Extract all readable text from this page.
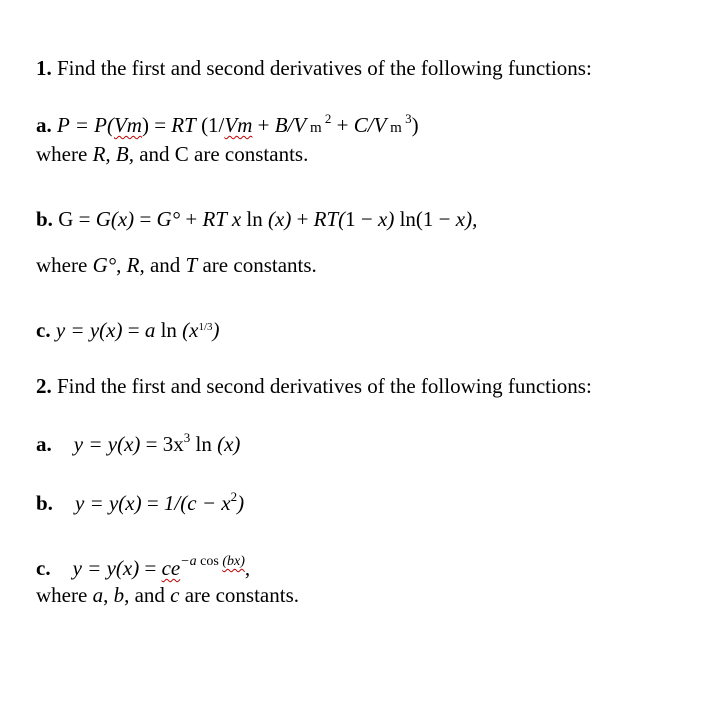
1. Find the first and second derivatives of the following functions:
a. P = P(Vm) = RT (1/Vm + B/V m $^2$ + C/V m $^3$)
where R, B, and C are constants.
b. G = G(x) = G° + RT x ln (x) + RT(1 − x) ln(1 − x),
where G°, R, and T are constants.
c. y = y(x) = a $\ln (x^{1/3})$
2. Find the first and second derivatives of the following functions:
a. $y = y(x) = 3x^3$ ln (x)
b. $y = y(x) = 1/(c - x^2)$
c. $y = y(x) = ce^{-a cos (bx)}$,
where a, b, and c are constants.
